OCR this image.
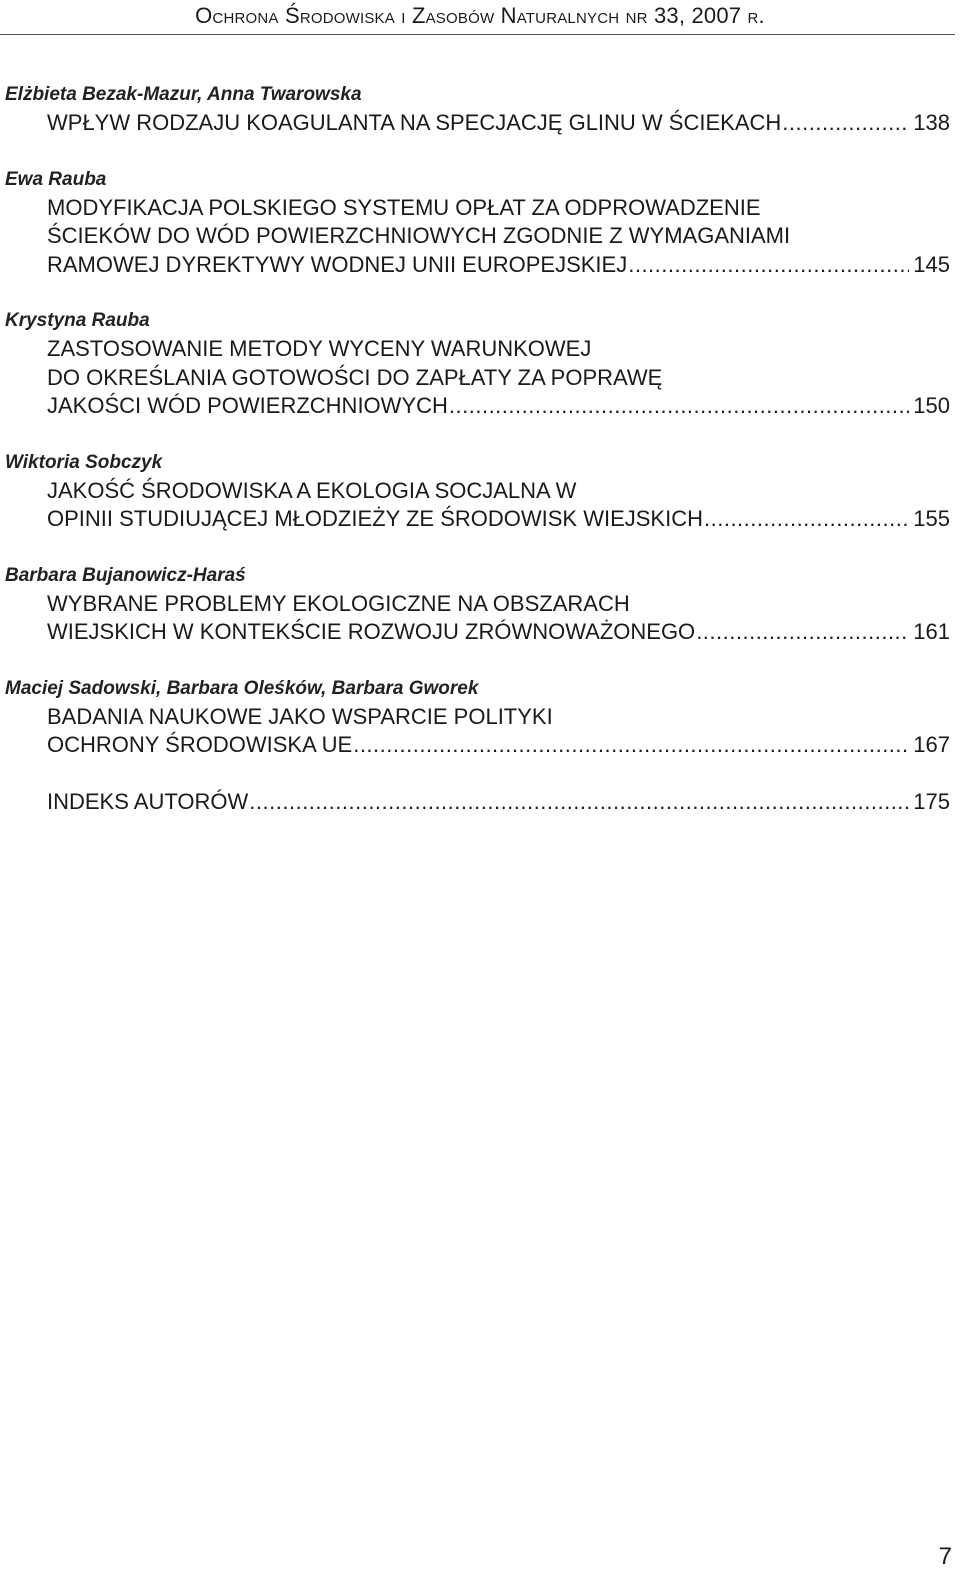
Ochrona Środowiska i Zasobów Naturalnych nr 33, 2007 r.
Elżbieta Bezak-Mazur, Anna Twarowska
WPŁYW RODZAJU KOAGULANTA NA SPECJACJĘ GLINU W ŚCIEKACH .....	138
Ewa Rauba
MODYFIKACJA POLSKIEGO SYSTEMU OPŁAT ZA ODPROWADZENIE
ŚCIEKÓW DO WÓD POWIERZCHNIOWYCH ZGODNIE Z WYMAGANIAMI
RAMOWEJ DYREKTYWY WODNEJ UNII EUROPEJSKIEJ .....	145
Krystyna Rauba
ZASTOSOWANIE METODY WYCENY WARUNKOWEJ
DO OKREŚLANIA GOTOWOŚCI DO ZAPŁATY ZA POPRAWĘ
JAKOŚCI WÓD POWIERZCHNIOWYCH .....	150
Wiktoria Sobczyk
JAKOŚĆ ŚRODOWISKA A EKOLOGIA SOCJALNA W
OPINII STUDIUJĄCEJ MŁODZIEŻY ZE ŚRODOWISK WIEJSKICH .....	155
Barbara Bujanowicz-Haraś
WYBRANE PROBLEMY EKOLOGICZNE NA OBSZARACH
WIEJSKICH W KONTEKŚCIE ROZWOJU ZRÓWNOWAŻONEGO .....	161
Maciej Sadowski, Barbara Oleśków, Barbara Gworek
BADANIA NAUKOWE JAKO WSPARCIE POLITYKI
OCHRONY ŚRODOWISKA UE .....	167
INDEKS AUTORÓW .....	175
7
